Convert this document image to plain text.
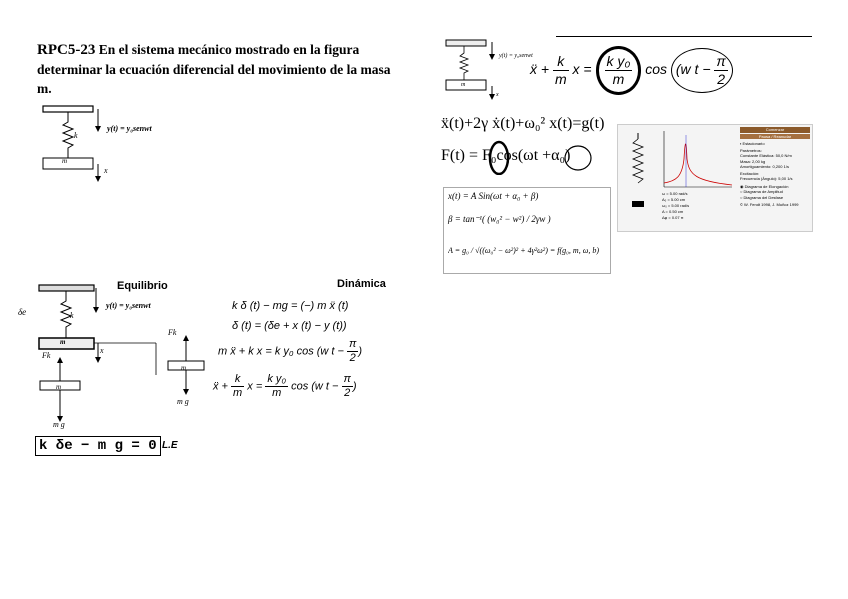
RPC5-23 En el sistema mecánico mostrado en la figura determinar la ecuación diferencial del movimiento de la masa m.
y(t) = y₀senwt
k
m
x
Equilibrio
y(t) = y₀senwt
δe	k
m
x
Fk
Fk
m
m
m g
m g
Dinámica
k δ (t) − mg = (−) m ẍ (t)
δ (t) = (δe + x (t) − y (t))
m ẍ + k x = k y₀ cos (w $t - \frac{\pi}{2}$ )
ẍ + $\frac{k}{m}$ $x = \frac{\text{k y₀}}{m}$ cos (w $t - \frac{\pi}{2}$ )
k δe − m g = 0 L.E
y(t) = y₀senwt
m
x
ẍ + $\frac{k}{m}$ $x = \frac{\text{k y₀}}{m}$ cos (w $t - \frac{\pi}{2}$
ẍ(t)+2γ ẋ(t)+ω₀² x(t)=g(t)
F(t) = F₀cos(ωt +α₀)
x(t) = A Sin(ωt + α₀ + β)
β = tan⁻¹( (w₀² − w²) / 2γw )
A = g₀ / √((ω₀² − ω²)² + 4γ²ω²) = f(g₀, m, ω, b)
ω = 5.00 rad/s
A₀ = 5.00 cm
ω₀ = 5.00 rad/s
A = 0.50 cm
Δφ = 0.07 π
Comenzar
Pausa / Reanudar
▪ Estacionario
Parámetros:
Constante Elástica: 50,0 N/m
Masa: 2,00 kg
Amortiguamiento: 0,200 1/s
Excitación:
Frecuencia (Ángulo): 5,00 1/s
◉ Diagrama de Elongación
○ Diagrama de Amplitud
○ Diagrama del Desfase
© W. Fendt 1998, J. Muñoz 1999
